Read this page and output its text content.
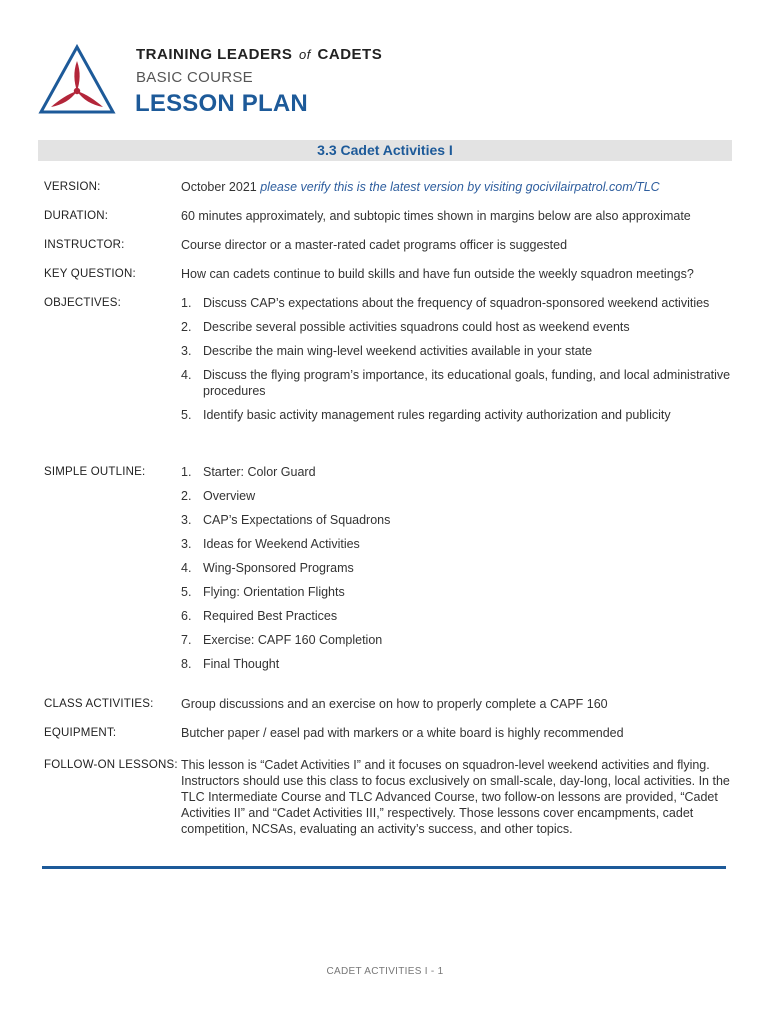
TRAINING LEADERS of CADETS
BASIC COURSE
LESSON PLAN
3.3 Cadet Activities I
VERSION:	October 2021 please verify this is the latest version by visiting gocivilairpatrol.com/TLC
DURATION:	60 minutes approximately, and subtopic times shown in margins below are also approximate
INSTRUCTOR:	Course director or a master-rated cadet programs officer is suggested
KEY QUESTION:	How can cadets continue to build skills and have fun outside the weekly squadron meetings?
OBJECTIVES:	1. Discuss CAP’s expectations about the frequency of squadron-sponsored weekend activities
2. Describe several possible activities squadrons could host as weekend events
3. Describe the main wing-level weekend activities available in your state
4. Discuss the flying program’s importance, its educational goals, funding, and local administrative procedures
5. Identify basic activity management rules regarding activity authorization and publicity
SIMPLE OUTLINE:	1. Starter: Color Guard
2. Overview
3. CAP’s Expectations of Squadrons
3. Ideas for Weekend Activities
4. Wing-Sponsored Programs
5. Flying: Orientation Flights
6. Required Best Practices
7. Exercise: CAPF 160 Completion
8. Final Thought
CLASS ACTIVITIES: Group discussions and an exercise on how to properly complete a CAPF 160
EQUIPMENT:	Butcher paper / easel pad with markers or a white board is highly recommended
FOLLOW-ON LESSONS: This lesson is “Cadet Activities I” and it focuses on squadron-level weekend activities and flying. Instructors should use this class to focus exclusively on small-scale, day-long, local activities. In the TLC Intermediate Course and TLC Advanced Course, two follow-on lessons are provided, “Cadet Activities II” and “Cadet Activities III,” respectively. Those lessons cover encampments, cadet competition, NCSAs, evaluating an activity’s success, and other topics.
CADET ACTIVITIES I - 1
